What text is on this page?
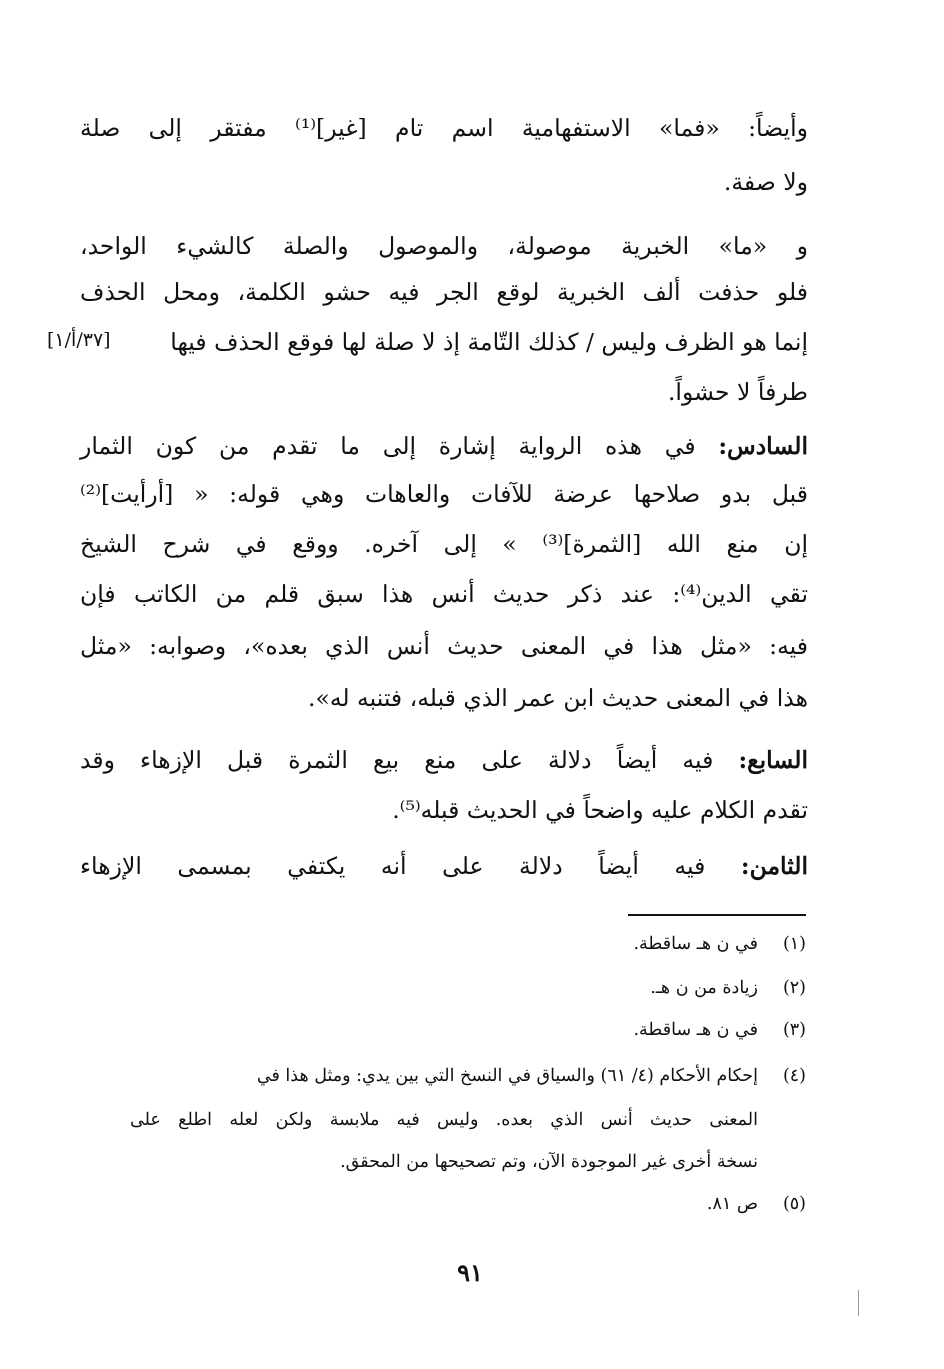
وأيضاً: «فما» الاستفهامية اسم تام [غير]⁽¹⁾ مفتقر إلى صلة
ولا صفة.
و «ما» الخبرية موصولة، والموصول والصلة كالشيء الواحد،
فلو حذفت ألف الخبرية لوقع الجر فيه حشو الكلمة، ومحل الحذف
إنما هو الظرف وليس / كذلك التّامة إذ لا صلة لها فوقع الحذف فيها
[٣٧/أ/١]
طرفاً لا حشواً.
السادس: في هذه الرواية إشارة إلى ما تقدم من كون الثمار
قبل بدو صلاحها عرضة للآفات والعاهات وهي قوله: « [أرأيت]⁽²⁾
إن منع الله [الثمرة]⁽³⁾ » إلى آخره. ووقع في شرح الشيخ
تقي الدين⁽⁴⁾: عند ذكر حديث أنس هذا سبق قلم من الكاتب فإن
فيه: «مثل هذا في المعنى حديث أنس الذي بعده»، وصوابه: «مثل
هذا في المعنى حديث ابن عمر الذي قبله، فتنبه له».
السابع: فيه أيضاً دلالة على منع بيع الثمرة قبل الإزهاء وقد
تقدم الكلام عليه واضحاً في الحديث قبله⁽⁵⁾.
الثامن: فيه أيضاً دلالة على أنه يكتفي بمسمى الإزهاء
(١)في ن هـ ساقطة.
(٢)زيادة من ن هـ.
(٣)في ن هـ ساقطة.
(٤)إحكام الأحكام (٤/ ٦١) والسياق في النسخ التي بين يدي: ومثل هذا في
المعنى حديث أنس الذي بعده. وليس فيه ملابسة ولكن لعله اطلع على
نسخة أخرى غير الموجودة الآن، وتم تصحيحها من المحقق.
(٥)ص ٨١.
٩١
